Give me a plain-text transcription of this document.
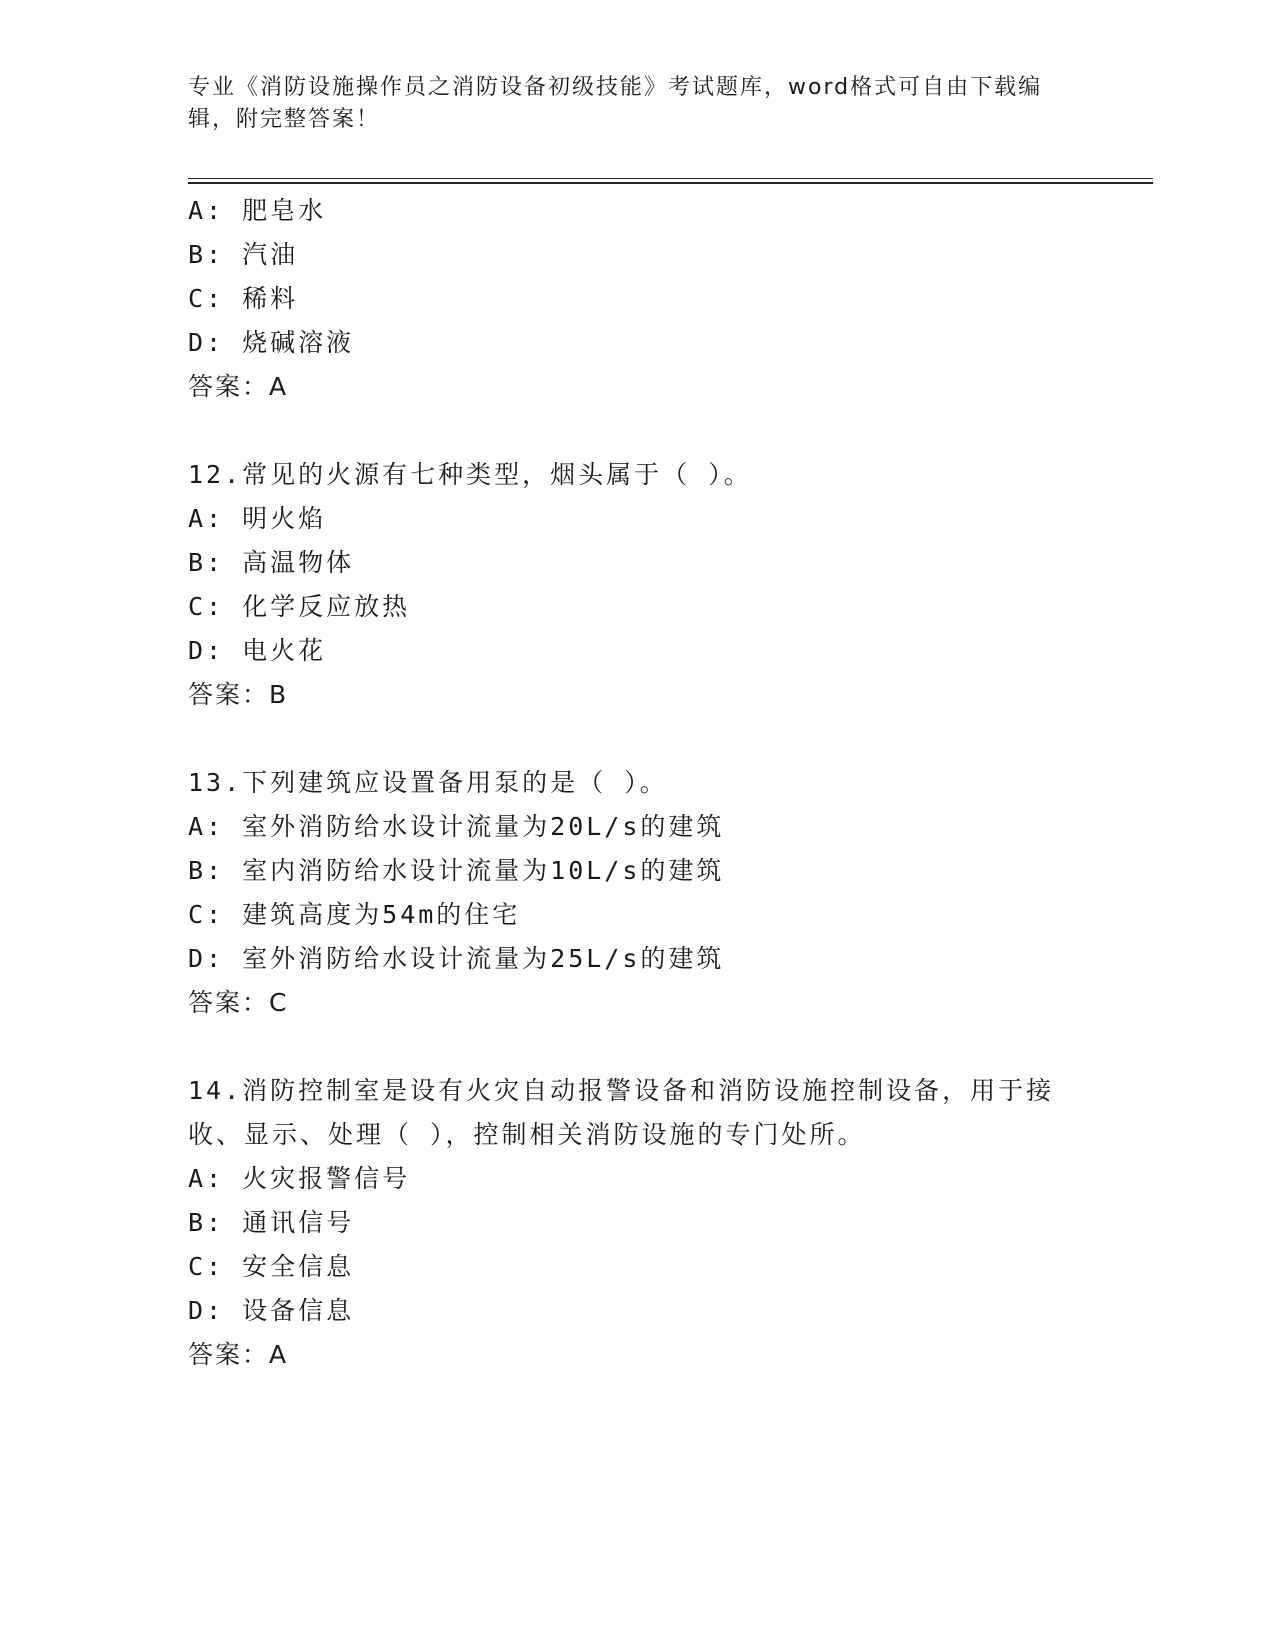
专业《消防设施操作员之消防设备初级技能》考试题库，word格式可自由下载编
辑，附完整答案！
A: 肥皂水
B: 汽油
C: 稀料
D: 烧碱溶液
答案：A
12.常见的火源有七种类型，烟头属于（ ）。
A: 明火焰
B: 高温物体
C: 化学反应放热
D: 电火花
答案：B
13.下列建筑应设置备用泵的是（ ）。
A: 室外消防给水设计流量为20L/s的建筑
B: 室内消防给水设计流量为10L/s的建筑
C: 建筑高度为54m的住宅
D: 室外消防给水设计流量为25L/s的建筑
答案：C
14.消防控制室是设有火灾自动报警设备和消防设施控制设备，用于接
收、显示、处理（ ），控制相关消防设施的专门处所。
A: 火灾报警信号
B: 通讯信号
C: 安全信息
D: 设备信息
答案：A
